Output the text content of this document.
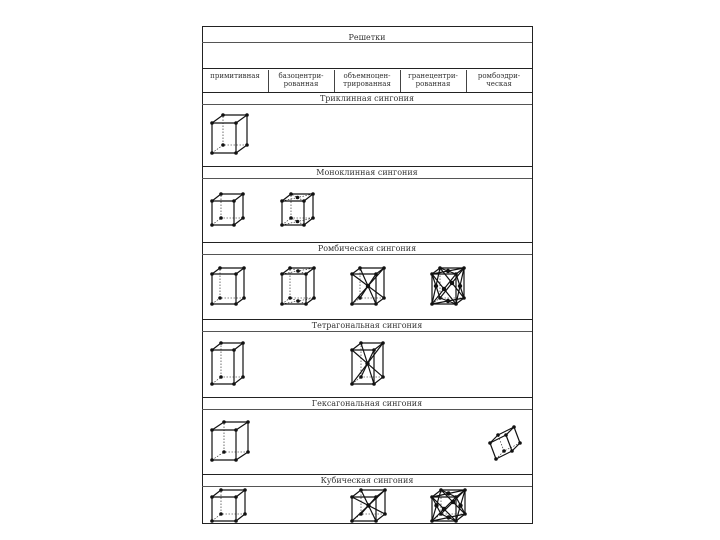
Решетки
примитивная	базоцентри-
рованная
объемноцен-
трированная
гранецентри-
рованная
ромбоэдри-
ческая
Триклинная сингония
Моноклинная сингония
Ромбическая сингония
Тетрагональная сингония
Гексагональная сингония
Кубическая сингония
